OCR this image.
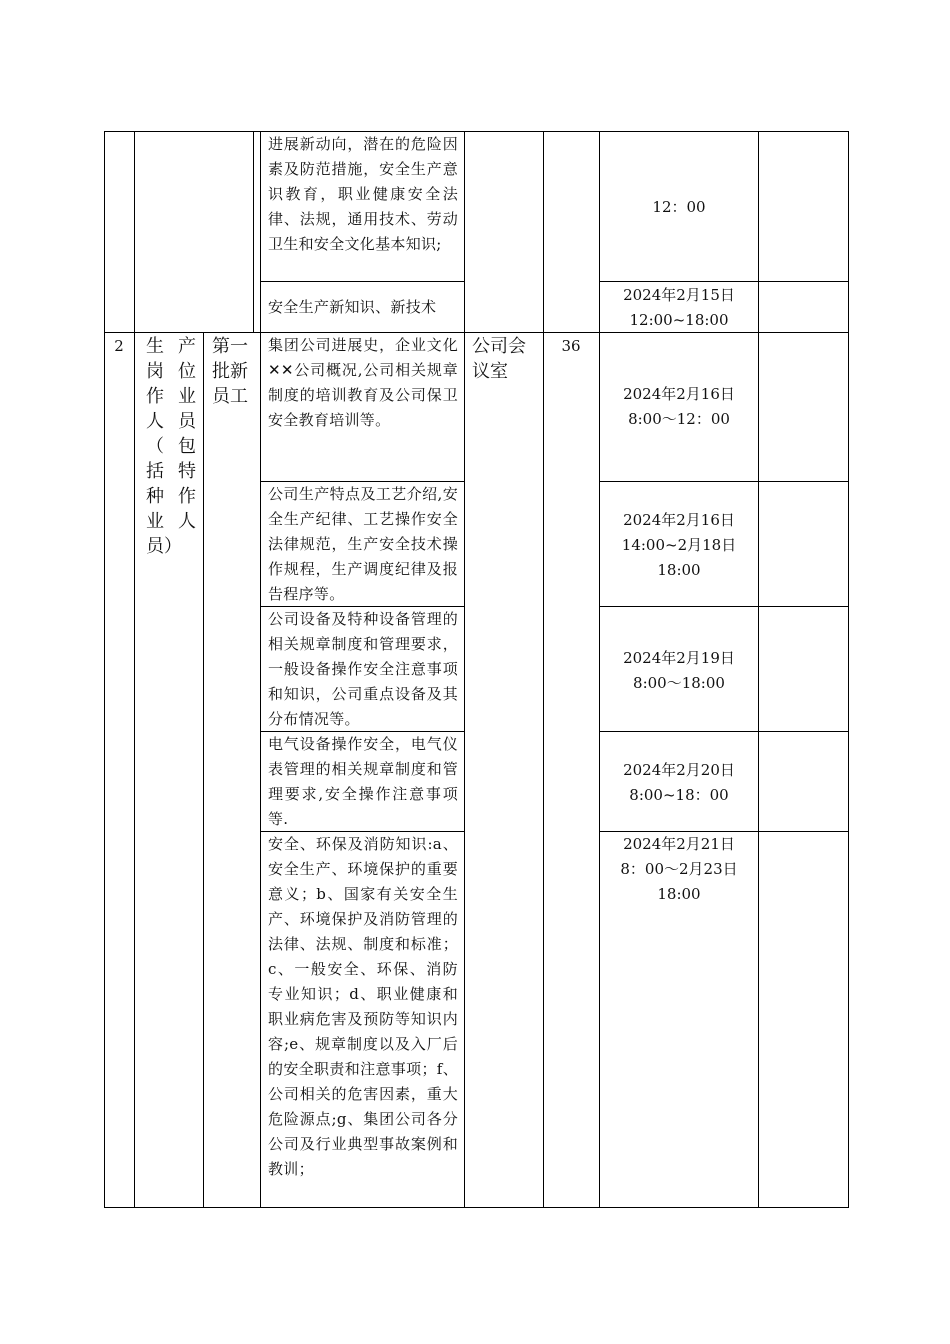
进展新动向，潜在的危险因素及防范措施，安全生产意识教育，职业健康安全法律、法规，通用技术、劳动卫生和安全文化基本知识;
12：00
安全生产新知识、新技术
2024年2月15日
12:00~18:00
2	生 产
岗 位
作 业
人 员
（ 包
括 特
种 作
业 人
员）
第一批新员工
公司会议室
36
集团公司进展史，企业文化✕✕公司概况,公司相关规章制度的培训教育及公司保卫安全教育培训等。
2024年2月16日
8:00～12：00
公司生产特点及工艺介绍,安全生产纪律、工艺操作安全法律规范，生产安全技术操作规程，生产调度纪律及报告程序等。
2024年2月16日
14:00~2月18日
18:00
公司设备及特种设备管理的相关规章制度和管理要求，一般设备操作安全注意事项和知识，公司重点设备及其分布情况等。
2024年2月19日
8:00～18:00
电气设备操作安全，电气仪表管理的相关规章制度和管理要求,安全操作注意事项等.
2024年2月20日
8:00~18：00
安全、环保及消防知识:a、安全生产、环境保护的重要意义；b、国家有关安全生产、环境保护及消防管理的法律、法规、制度和标准；c、一般安全、环保、消防专业知识；d、职业健康和职业病危害及预防等知识内容;e、规章制度以及入厂后的安全职责和注意事项；f、公司相关的危害因素，重大危险源点;g、集团公司各分公司及行业典型事故案例和教训；
2024年2月21日
8：00～2月23日
18:00
